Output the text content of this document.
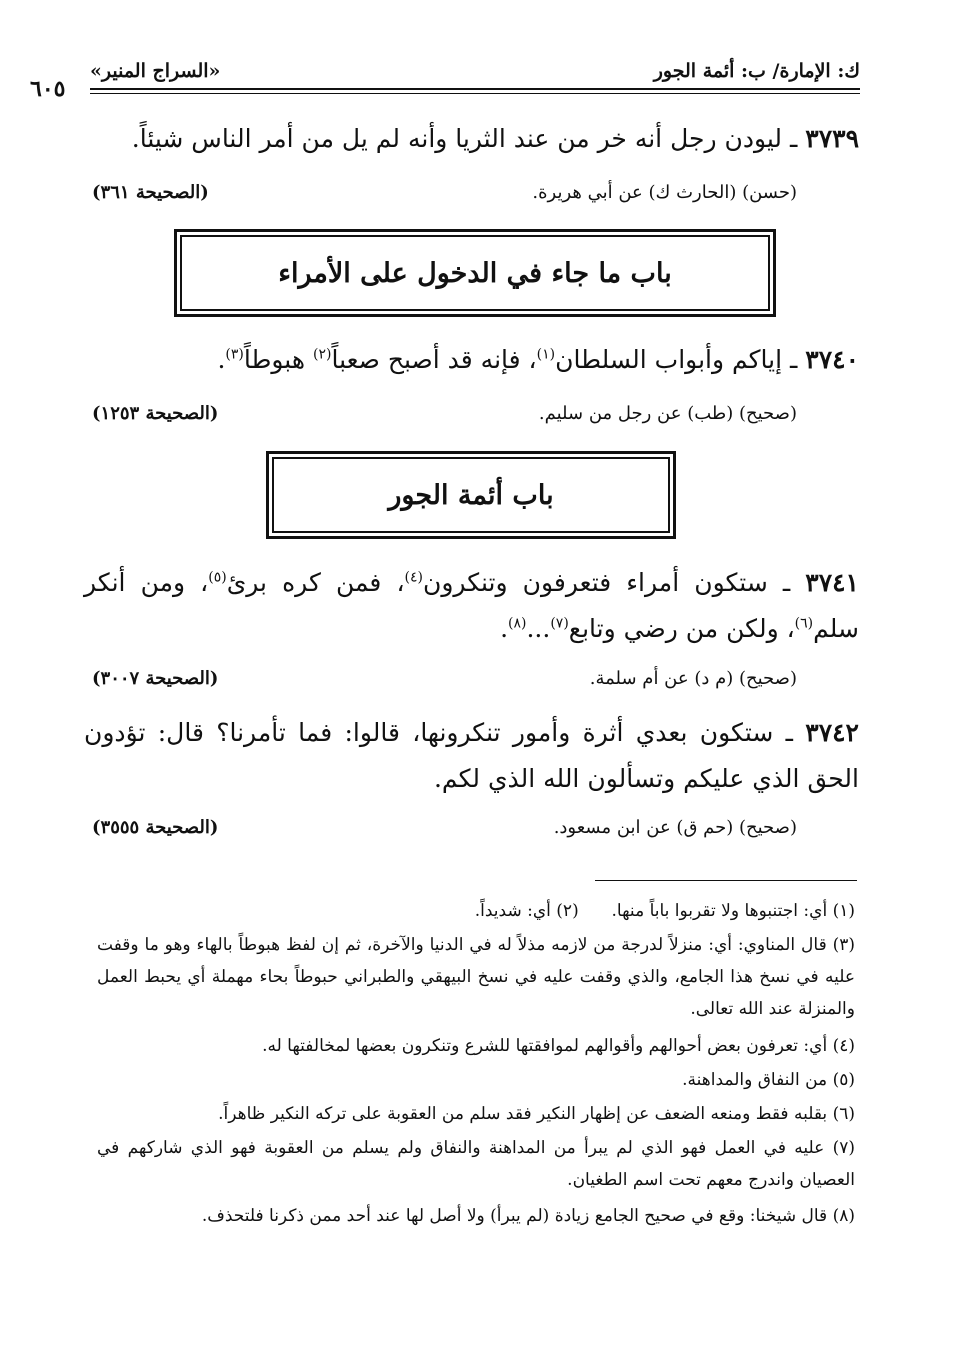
ك: الإمارة/ ب: أئمة الجور
«السراج المنير»
٦٠٥
٣٧٣٩ ـ ليودن رجل أنه خر من عند الثريا وأنه لم يل من أمر الناس شيئاً.
(حسن) (الحارث ك) عن أبي هريرة.
(الصحيحة ٣٦١)
باب ما جاء في الدخول على الأمراء
٣٧٤٠ ـ إياكم وأبواب السلطان$^{(١)}$، فإنه قد أصبح صعباً$^{(٢)}$ هبوطاً$^{(٣)}$.
(صحيح) (طب) عن رجل من سليم.
(الصحيحة ١٢٥٣)
باب أئمة الجور
٣٧٤١ ـ ستكون أمراء فتعرفون وتنكرون$^{(٤)}$، فمن كره برئ$^{(٥)}$، ومن أنكر سلم$^{(٦)}$، ولكن من رضي وتابع$^{(٧)}$...$^{(٨)}$.
(صحيح) (م د) عن أم سلمة.
(الصحيحة ٣٠٠٧)
٣٧٤٢ ـ ستكون بعدي أثرة وأمور تنكرونها، قالوا: فما تأمرنا؟ قال: تؤدون الحق الذي عليكم وتسألون الله الذي لكم.
(صحيح) (حم ق) عن ابن مسعود.
(الصحيحة ٣٥٥٥)
(١) أي: اجتنبوها ولا تقربوا باباً منها.  (٢) أي: شديداً.
(٣) قال المناوي: أي: منزلاً لدرجة من لازمه مذلاً له في الدنيا والآخرة، ثم إن لفظ هبوطاً بالهاء وهو ما وقفت عليه في نسخ هذا الجامع، والذي وقفت عليه في نسخ البيهقي والطبراني حبوطاً بحاء مهملة أي يحبط العمل والمنزلة عند الله تعالى.
(٤) أي: تعرفون بعض أحوالهم وأقوالهم لموافقتها للشرع وتنكرون بعضها لمخالفتها له.
(٥) من النفاق والمداهنة.
(٦) بقلبه فقط ومنعه الضعف عن إظهار النكير فقد سلم من العقوبة على تركه النكير ظاهراً.
(٧) عليه في العمل فهو الذي لم يبرأ من المداهنة والنفاق ولم يسلم من العقوبة فهو الذي شاركهم في العصيان واندرج معهم تحت اسم الطغيان.
(٨) قال شيخنا: وقع في صحيح الجامع زيادة (لم يبرأ) ولا أصل لها عند أحد ممن ذكرنا فلتحذف.
